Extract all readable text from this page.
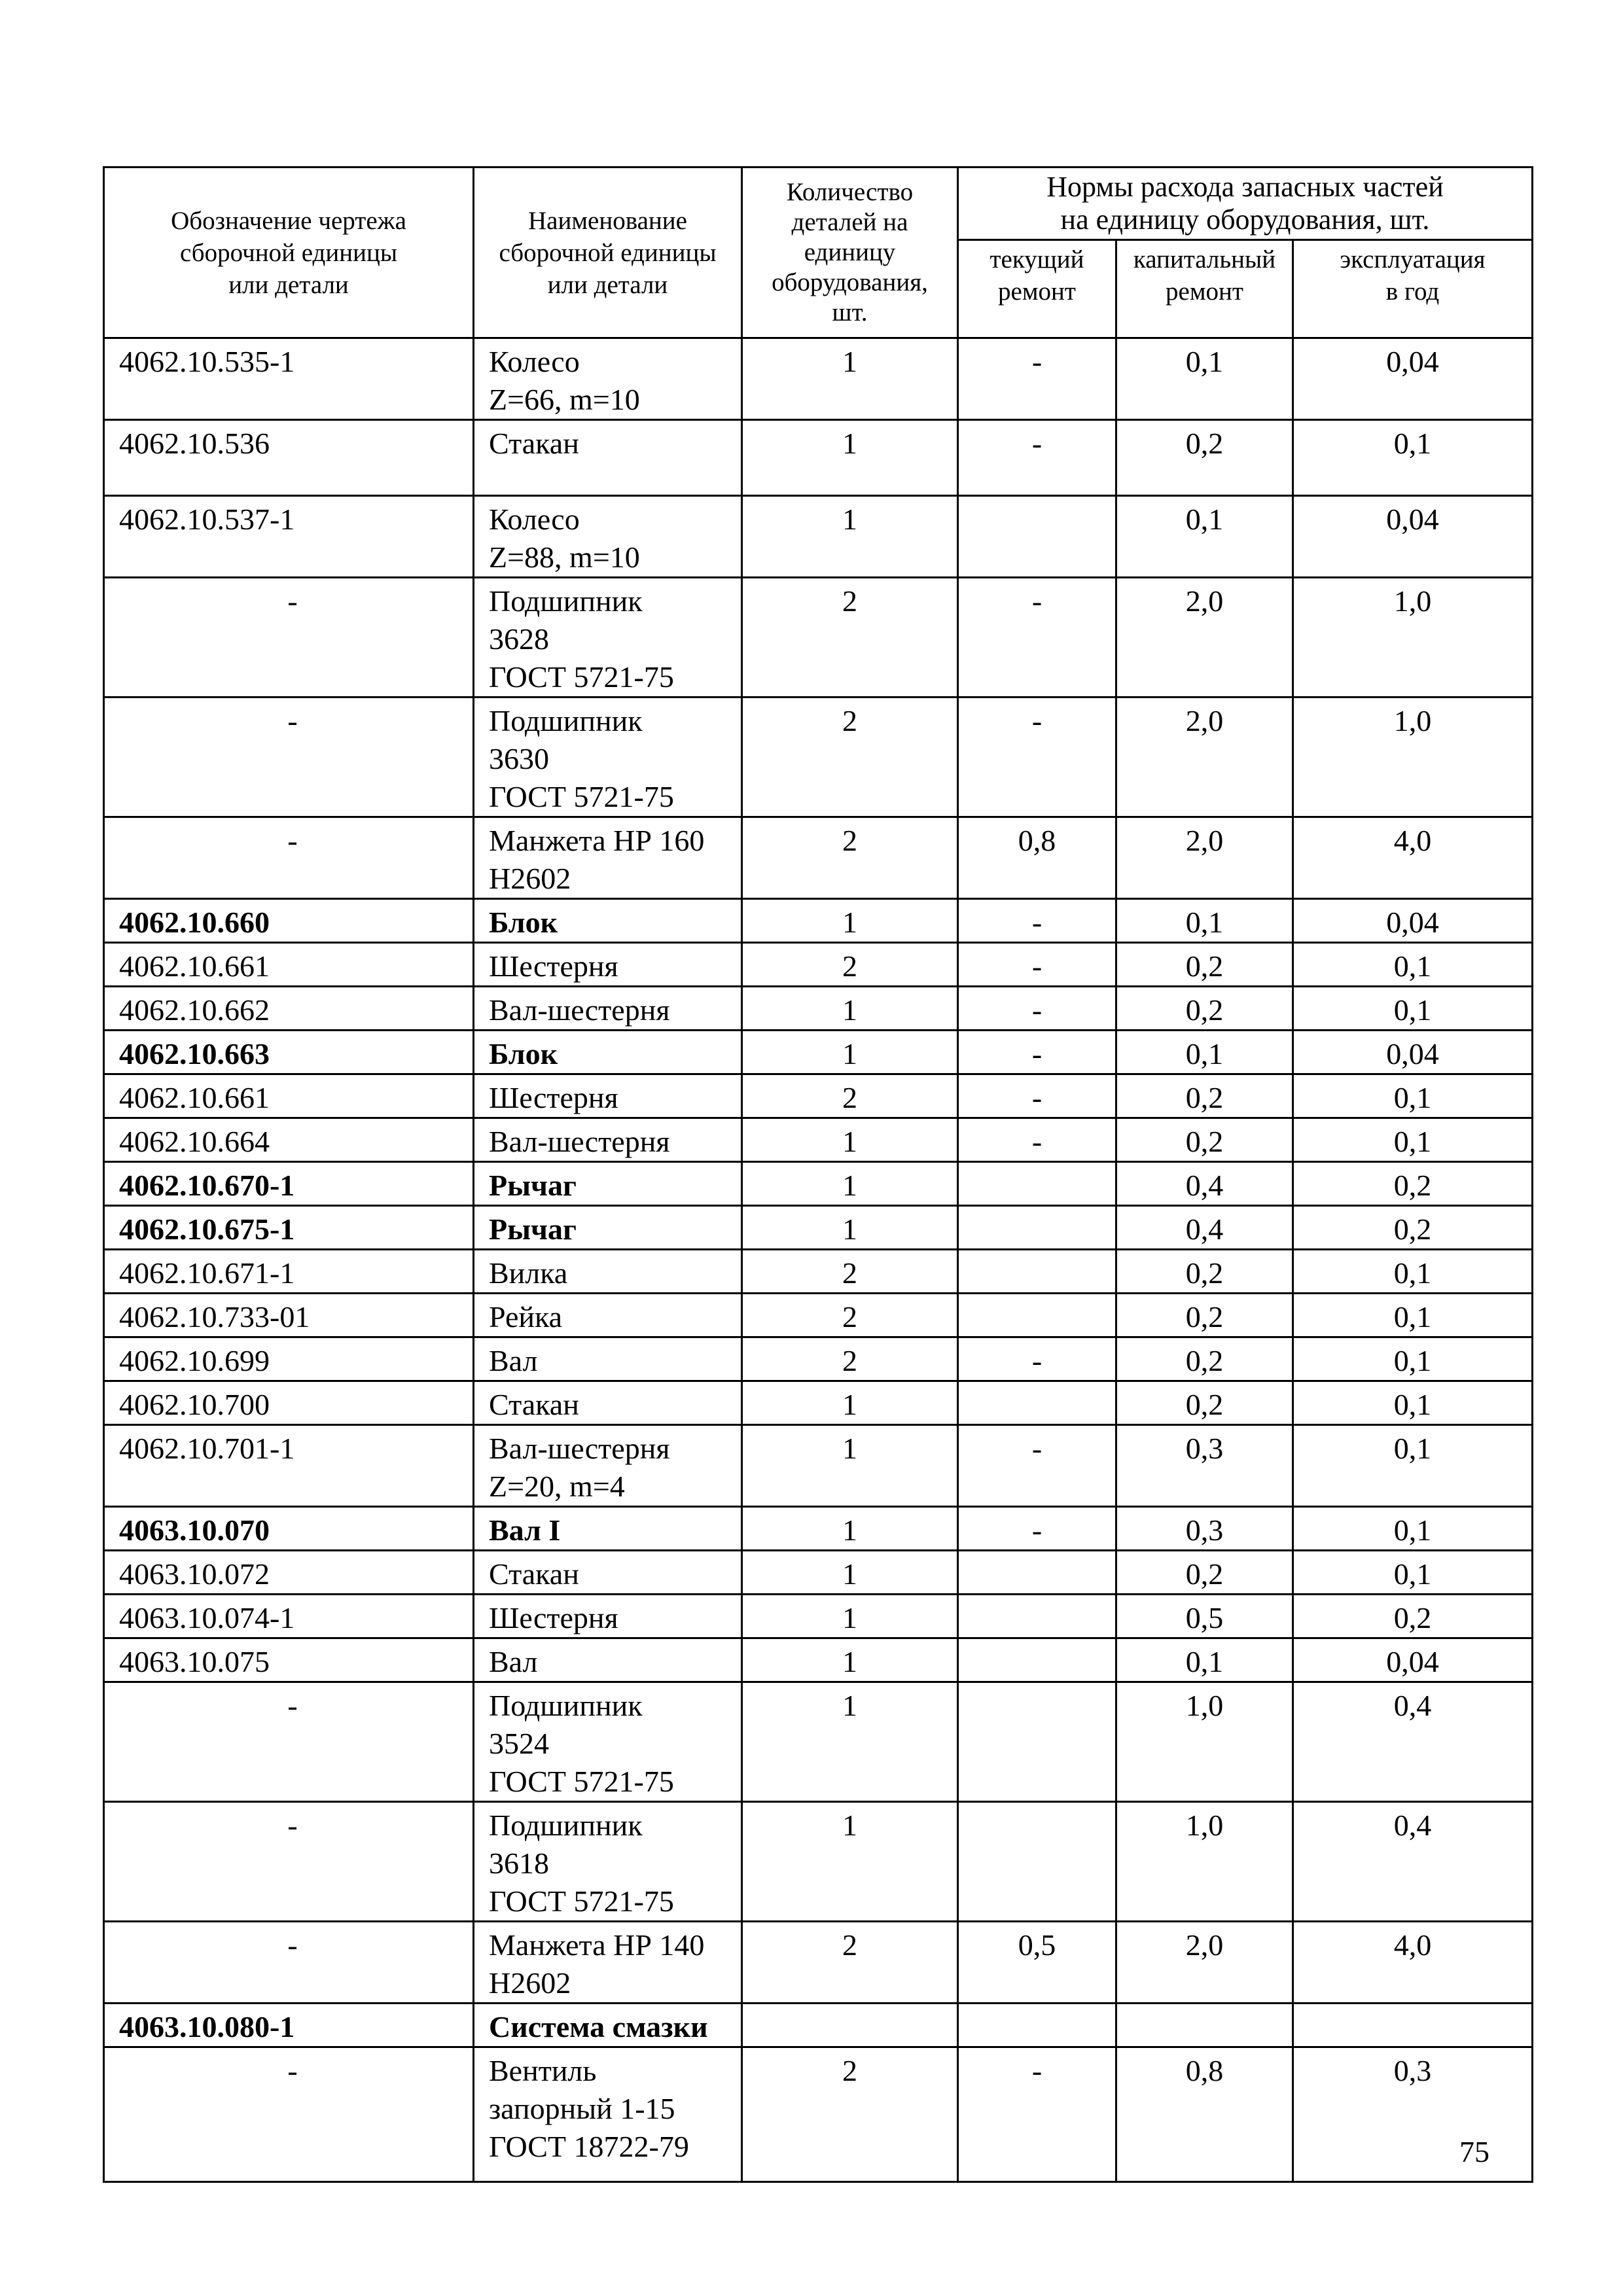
Обозначение чертежа
сборочной единицы
или детали	Наименование
сборочной единицы
или детали	Количество
деталей на
единицу
оборудования,
шт.	Нормы расхода запасных частей
на единицу оборудования, шт.		
			текущий
ремонт	капитальный
ремонт	эксплуатация
в год
4062.10.535-1	Колесо
Z=66, m=10	1	-	0,1	0,04
4062.10.536	Стакан	1	-	0,2	0,1
4062.10.537-1	Колесо
Z=88, m=10	1		0,1	0,04
-	Подшипник
3628
ГОСТ 5721-75	2	-	2,0	1,0
-	Подшипник
3630
ГОСТ 5721-75	2	-	2,0	1,0
-	Манжета НР 160
Н2602	2	0,8	2,0	4,0
4062.10.660	Блок	1	-	0,1	0,04
4062.10.661	Шестерня	2	-	0,2	0,1
4062.10.662	Вал-шестерня	1	-	0,2	0,1
4062.10.663	Блок	1	-	0,1	0,04
4062.10.661	Шестерня	2	-	0,2	0,1
4062.10.664	Вал-шестерня	1	-	0,2	0,1
4062.10.670-1	Рычаг	1		0,4	0,2
4062.10.675-1	Рычаг	1		0,4	0,2
4062.10.671-1	Вилка	2		0,2	0,1
4062.10.733-01	Рейка	2		0,2	0,1
4062.10.699	Вал	2	-	0,2	0,1
4062.10.700	Стакан	1		0,2	0,1
4062.10.701-1	Вал-шестерня
Z=20, m=4	1	-	0,3	0,1
4063.10.070	Вал I	1	-	0,3	0,1
4063.10.072	Стакан	1		0,2	0,1
4063.10.074-1	Шестерня	1		0,5	0,2
4063.10.075	Вал	1		0,1	0,04
-	Подшипник
3524
ГОСТ 5721-75	1		1,0	0,4
-	Подшипник
3618
ГОСТ 5721-75	1		1,0	0,4
-	Манжета НР 140
Н2602	2	0,5	2,0	4,0
4063.10.080-1	Система смазки				
-	Вентиль
запорный 1-15
ГОСТ 18722-79	2	-	0,8	0,3
75
